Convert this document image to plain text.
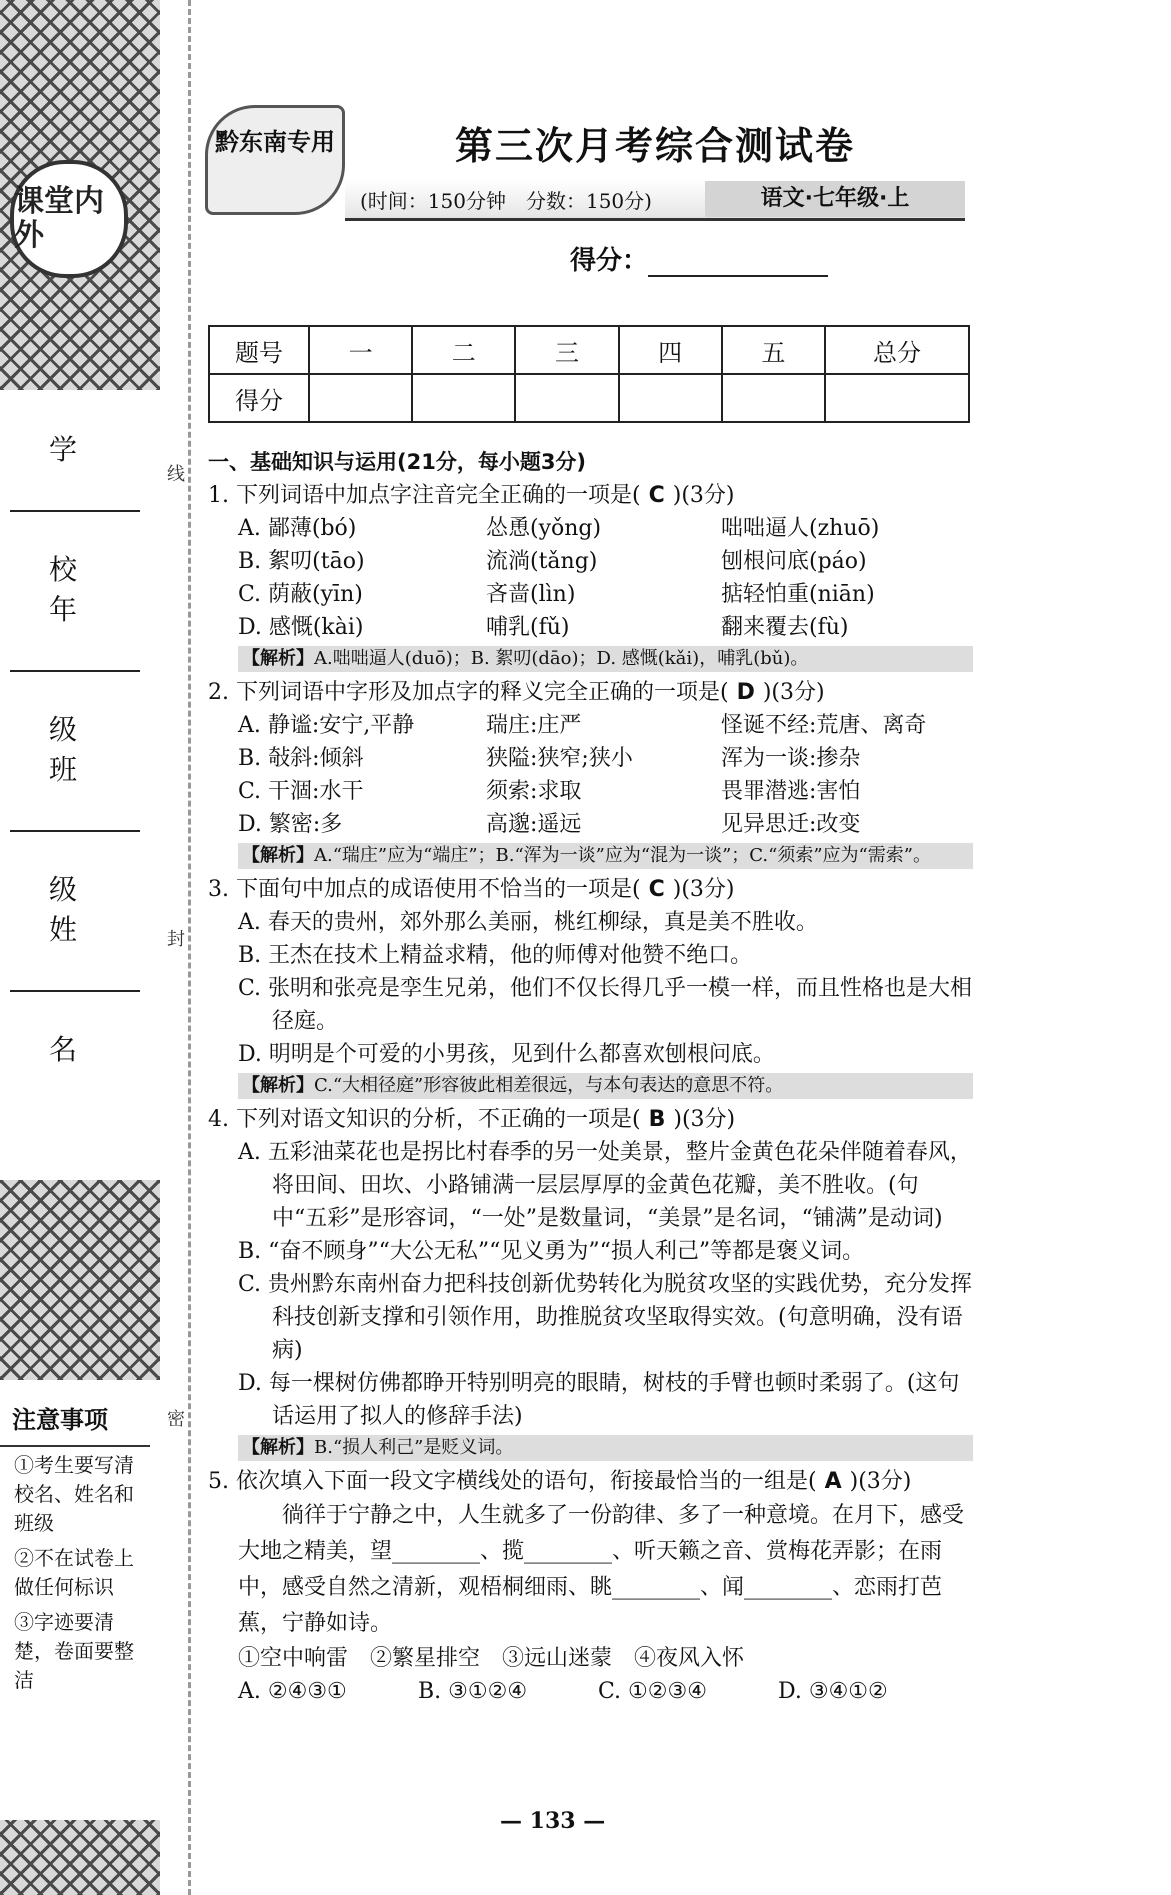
课堂内外
学 校
年 级
班 级
姓 名
注意事项
①考生要写清校名、姓名和班级
②不在试卷上做任何标识
③字迹要清楚，卷面要整洁
线
封
密
黔东南专用	第三次月考综合测试卷
(时间：150分钟　分数：150分)	语文·七年级·上
得分：
题号	一	二	三	四	五	总分
得分						
一、基础知识与运用(21分，每小题3分)
1. 下列词语中加点字注音完全正确的一项是( C )(3分)
A. 鄙薄(bó)	怂恿(yǒng)	咄咄逼人(zhuō)
B. 絮叨(tāo)	流淌(tǎng)	刨根问底(páo)
C. 荫蔽(yīn)	吝啬(lìn)	掂轻怕重(niān)
D. 感慨(kài)	哺乳(fǔ)	翻来覆去(fù)
【解析】A.咄咄逼人(duō)；B. 絮叨(dāo)；D. 感慨(kǎi)，哺乳(bǔ)。
2. 下列词语中字形及加点字的释义完全正确的一项是( D )(3分)
A. 静谧:安宁,平静	瑞庄:庄严	怪诞不经:荒唐、离奇
B. 敧斜:倾斜	狭隘:狭窄;狭小	浑为一谈:掺杂
C. 干涸:水干	须索:求取	畏罪潜逃:害怕
D. 繁密:多	高邈:遥远	见异思迁:改变
【解析】A.“瑞庄”应为“端庄”；B.“浑为一谈”应为“混为一谈”；C.“须索”应为“需索”。
3. 下面句中加点的成语使用不恰当的一项是( C )(3分)
A. 春天的贵州，郊外那么美丽，桃红柳绿，真是美不胜收。
B. 王杰在技术上精益求精，他的师傅对他赞不绝口。
C. 张明和张亮是孪生兄弟，他们不仅长得几乎一模一样，而且性格也是大相径庭。
D. 明明是个可爱的小男孩，见到什么都喜欢刨根问底。
【解析】C.“大相径庭”形容彼此相差很远，与本句表达的意思不符。
4. 下列对语文知识的分析，不正确的一项是( B )(3分)
A. 五彩油菜花也是拐比村春季的另一处美景，整片金黄色花朵伴随着春风，将田间、田坎、小路铺满一层层厚厚的金黄色花瓣，美不胜收。(句中“五彩”是形容词，“一处”是数量词，“美景”是名词，“铺满”是动词)
B. “奋不顾身”“大公无私”“见义勇为”“损人利己”等都是褒义词。
C. 贵州黔东南州奋力把科技创新优势转化为脱贫攻坚的实践优势，充分发挥科技创新支撑和引领作用，助推脱贫攻坚取得实效。(句意明确，没有语病)
D. 每一棵树仿佛都睁开特别明亮的眼睛，树枝的手臂也顿时柔弱了。(这句话运用了拟人的修辞手法)
【解析】B.“损人利己”是贬义词。
5. 依次填入下面一段文字横线处的语句，衔接最恰当的一组是( A )(3分)
徜徉于宁静之中，人生就多了一份韵律、多了一种意境。在月下，感受大地之精美，望________、揽________、听天籁之音、赏梅花弄影；在雨中，感受自然之清新，观梧桐细雨、眺________、闻________、恋雨打芭蕉，宁静如诗。
①空中响雷　②繁星排空　③远山迷蒙　④夜风入怀
A. ②④③①	B. ③①②④	C. ①②③④	D. ③④①②
— 133 —
